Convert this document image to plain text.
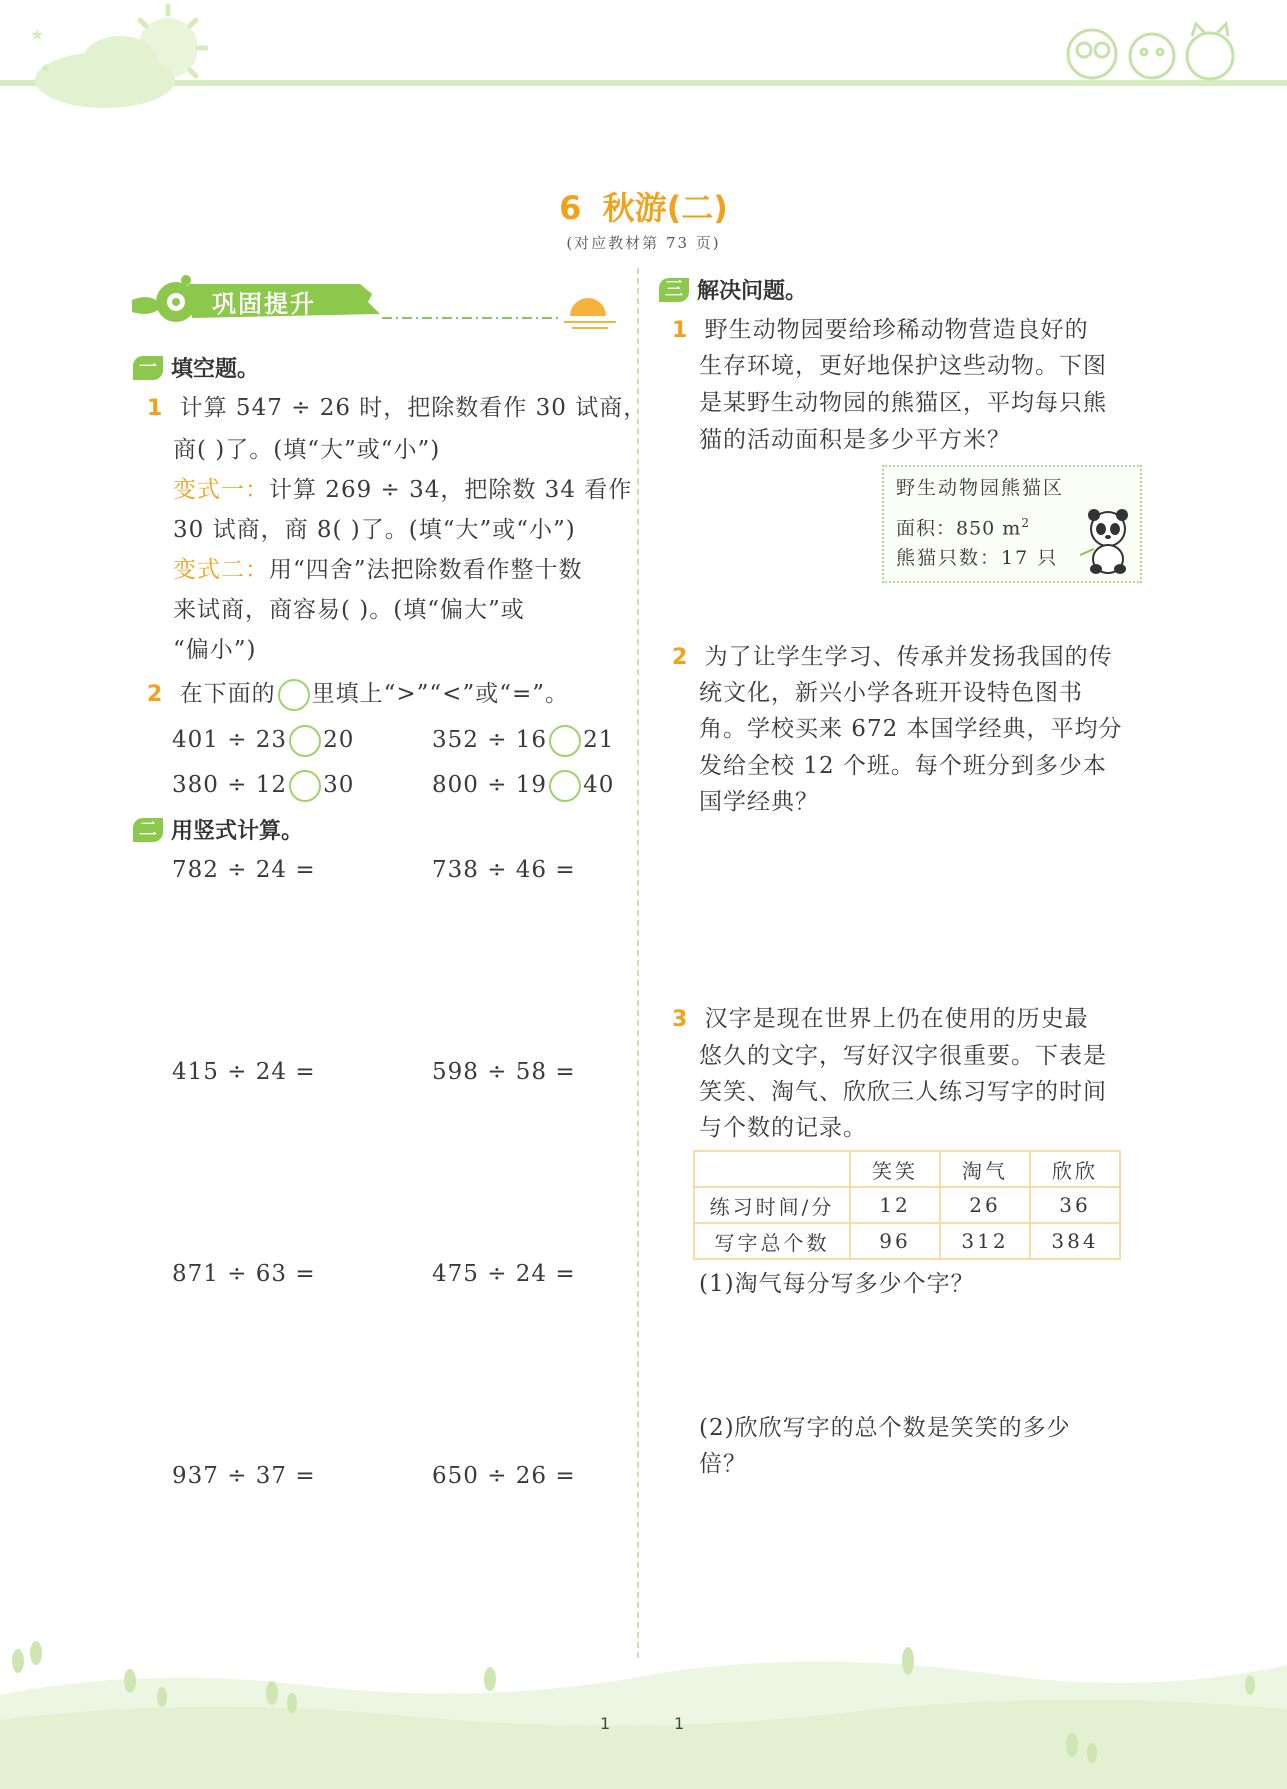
★
★
6 秋游(二)
(对应教材第 73 页)
巩固提升
一 填空题。
1 计算 547 ÷ 26 时，把除数看作 30 试商，
商( )了。(填“大”或“小”)
变式一：计算 269 ÷ 34，把除数 34 看作
30 试商，商 8( )了。(填“大”或“小”)
变式二：用“四舍”法把除数看作整十数
来试商，商容易( )。(填“偏大”或
“偏小”)
2 在下面的 里填上“>”“<”或“=”。
401 ÷ 23 20	352 ÷ 16 21
380 ÷ 12 30	800 ÷ 19 40
二 用竖式计算。
782 ÷ 24 =	738 ÷ 46 =
415 ÷ 24 =	598 ÷ 58 =
871 ÷ 63 =	475 ÷ 24 =
937 ÷ 37 =	650 ÷ 26 =
三 解决问题。
1 野生动物园要给珍稀动物营造良好的
生存环境，更好地保护这些动物。下图
是某野生动物园的熊猫区，平均每只熊
猫的活动面积是多少平方米？
野生动物园熊猫区
面积：850 $m^2$
熊猫只数：17 只
2 为了让学生学习、传承并发扬我国的传
统文化，新兴小学各班开设特色图书
角。学校买来 672 本国学经典，平均分
发给全校 12 个班。每个班分到多少本
国学经典？
3 汉字是现在世界上仍在使用的历史最
悠久的文字，写好汉字很重要。下表是
笑笑、淘气、欣欣三人练习写字的时间
与个数的记录。
	笑笑	淘气	欣欣
练习时间/分	12	26	36
写字总个数	96	312	384
(1)淘气每分写多少个字？
(2)欣欣写字的总个数是笑笑的多少
倍？
1	1
